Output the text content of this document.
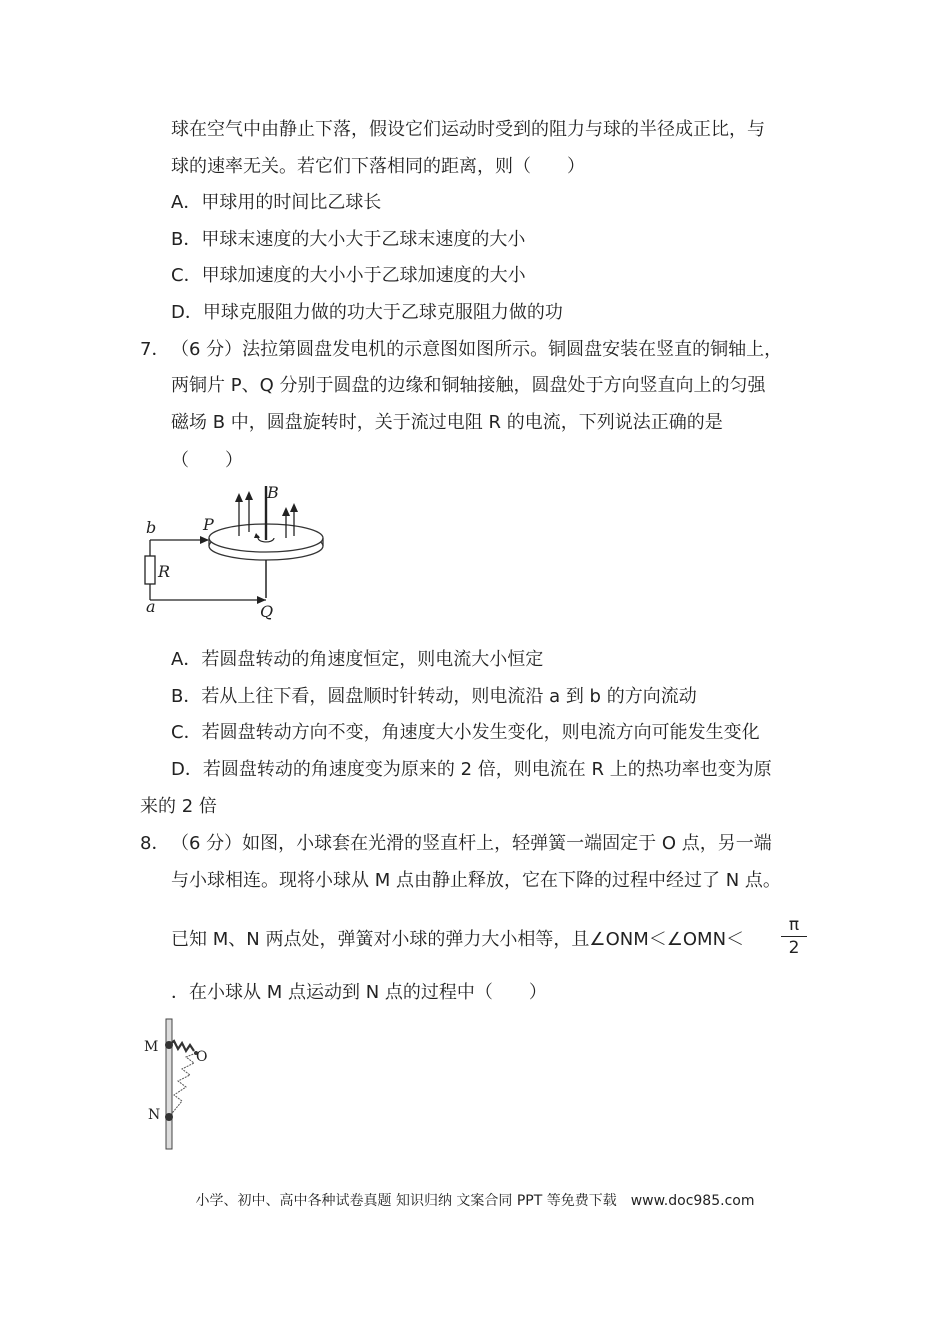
球在空气中由静止下落，假设它们运动时受到的阻力与球的半径成正比，与
球的速率无关。若它们下落相同的距离，则（　　）
A．甲球用的时间比乙球长
B．甲球末速度的大小大于乙球末速度的大小
C．甲球加速度的大小小于乙球加速度的大小
D．甲球克服阻力做的功大于乙球克服阻力做的功
7． （6 分）法拉第圆盘发电机的示意图如图所示。铜圆盘安装在竖直的铜轴上，
两铜片 P、Q 分别于圆盘的边缘和铜轴接触，圆盘处于方向竖直向上的匀强
磁场 B 中，圆盘旋转时，关于流过电阻 R 的电流，下列说法正确的是
（　　）
b	P
B
R
a	Q
A．若圆盘转动的角速度恒定，则电流大小恒定
B．若从上往下看，圆盘顺时针转动，则电流沿 a 到 b 的方向流动
C．若圆盘转动方向不变，角速度大小发生变化，则电流方向可能发生变化
D．若圆盘转动的角速度变为原来的 2 倍，则电流在 R 上的热功率也变为原
来的 2 倍
8． （6 分）如图，小球套在光滑的竖直杆上，轻弹簧一端固定于 O 点，另一端
与小球相连。现将小球从 M 点由静止释放，它在下降的过程中经过了 N 点。
已知 M、N 两点处，弹簧对小球的弹力大小相等，且∠ONM＜∠OMN＜
π
2
．在小球从 M 点运动到 N 点的过程中（　　）
M
O
N
小学、初中、高中各种试卷真题 知识归纳 文案合同 PPT 等免费下载　www.doc985.com
